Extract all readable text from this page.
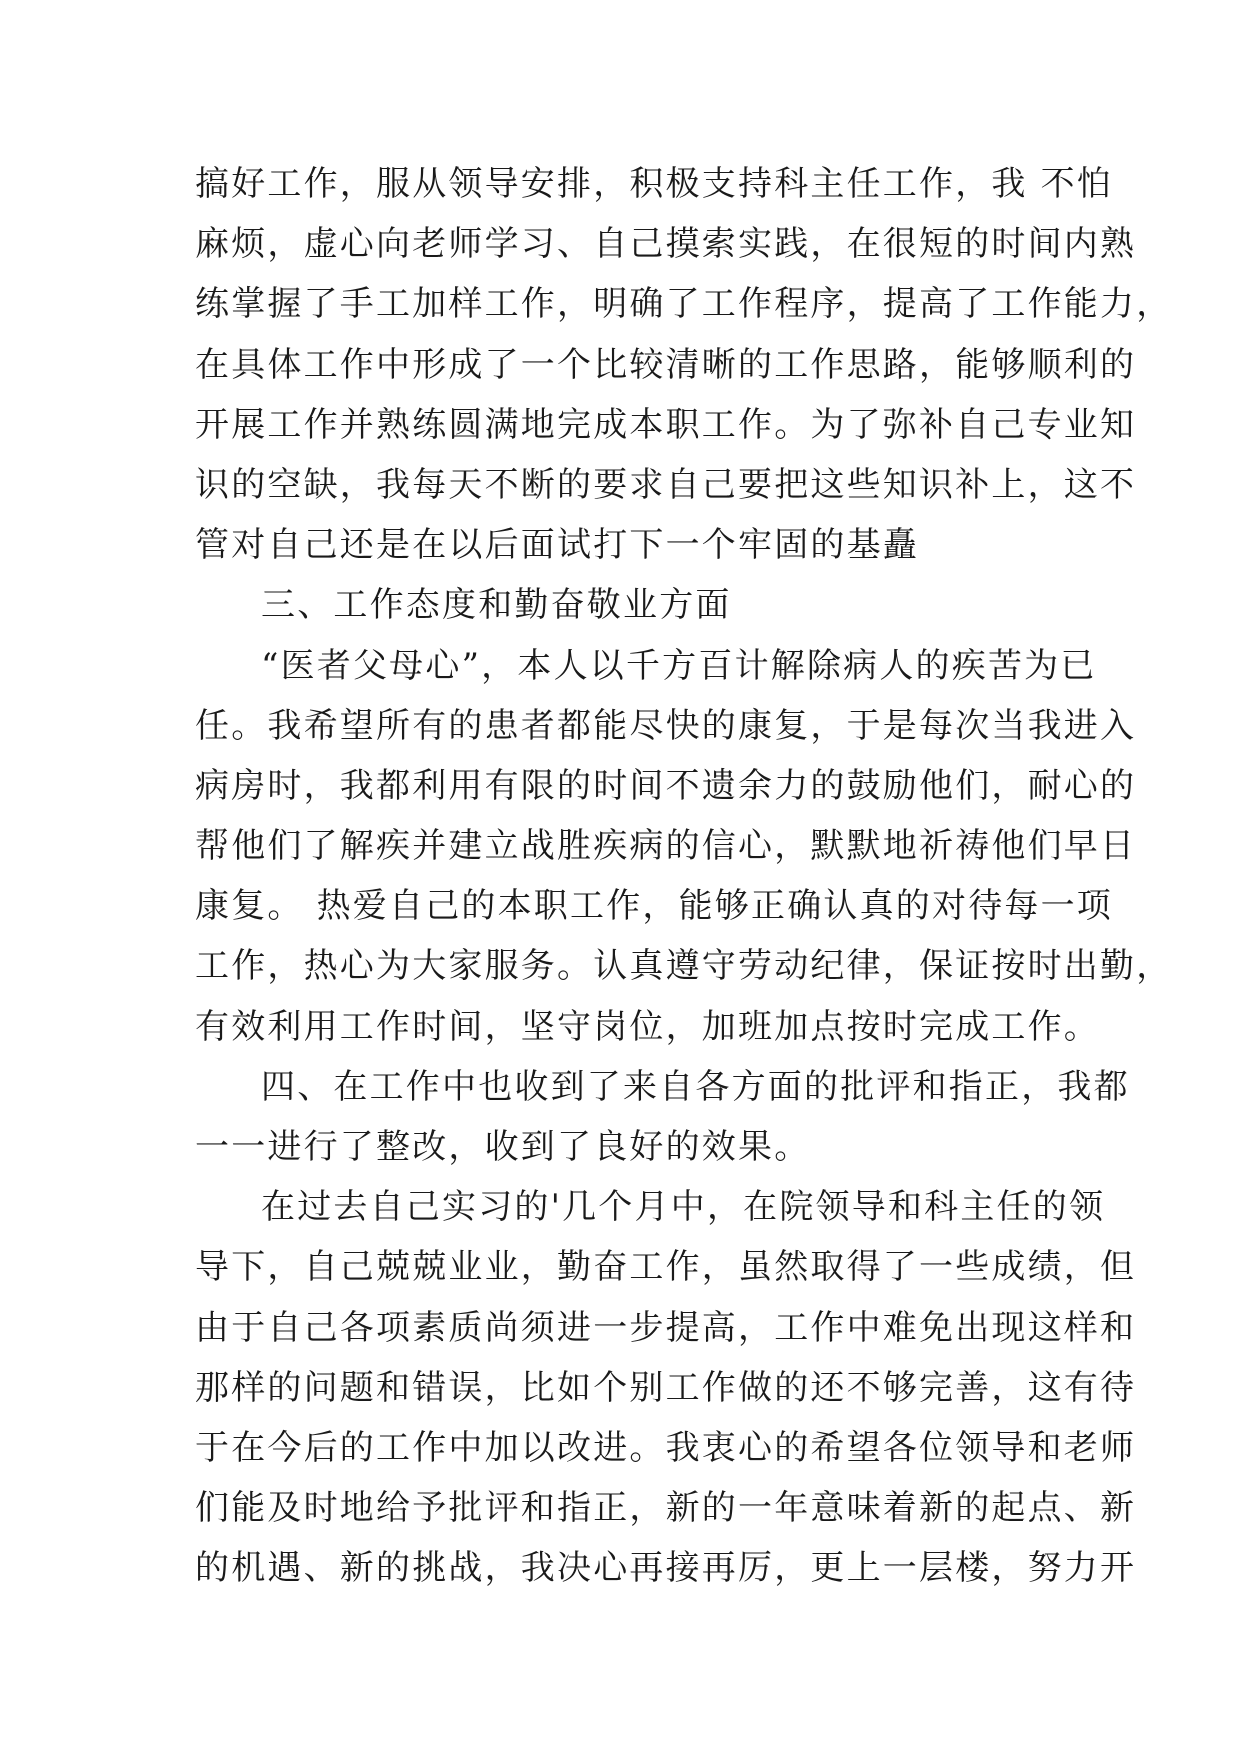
搞好工作，服从领导安排，积极支持科主任工作，我 不怕
麻烦，虚心向老师学习、自己摸索实践，在很短的时间内熟
练掌握了手工加样工作，明确了工作程序，提高了工作能力，
在具体工作中形成了一个比较清晰的工作思路，能够顺利的
开展工作并熟练圆满地完成本职工作。为了弥补自己专业知
识的空缺，我每天不断的要求自己要把这些知识补上，这不
管对自己还是在以后面试打下一个牢固的基矗
三、工作态度和勤奋敬业方面
“医者父母心”，本人以千方百计解除病人的疾苦为已
任。我希望所有的患者都能尽快的康复，于是每次当我进入
病房时，我都利用有限的时间不遗余力的鼓励他们，耐心的
帮他们了解疾并建立战胜疾病的信心，默默地祈祷他们早日
康复。 热爱自己的本职工作，能够正确认真的对待每一项
工作，热心为大家服务。认真遵守劳动纪律，保证按时出勤，
有效利用工作时间，坚守岗位，加班加点按时完成工作。
四、在工作中也收到了来自各方面的批评和指正，我都
一一进行了整改，收到了良好的效果。
在过去自己实习的'几个月中，在院领导和科主任的领
导下，自己兢兢业业，勤奋工作，虽然取得了一些成绩，但
由于自己各项素质尚须进一步提高，工作中难免出现这样和
那样的问题和错误，比如个别工作做的还不够完善，这有待
于在今后的工作中加以改进。我衷心的希望各位领导和老师
们能及时地给予批评和指正，新的一年意味着新的起点、新
的机遇、新的挑战，我决心再接再厉，更上一层楼，努力开
